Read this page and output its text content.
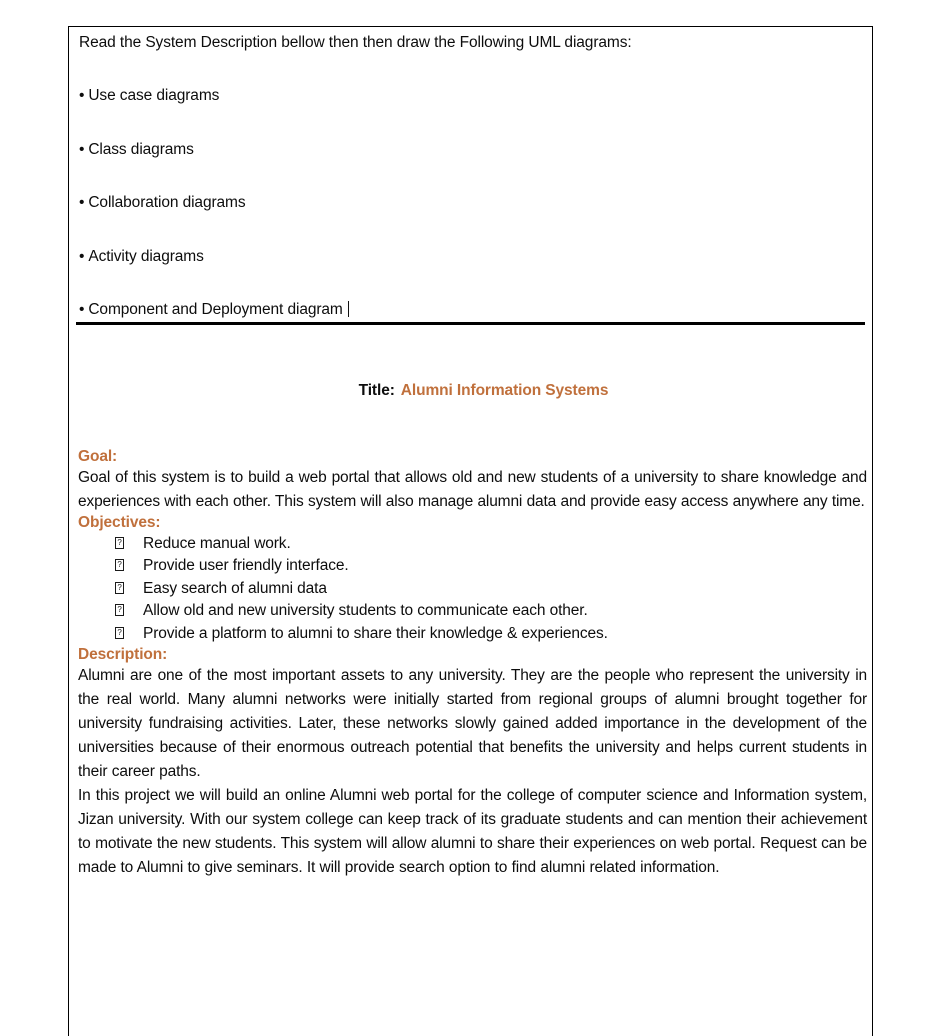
Read the System Description bellow then then draw the Following UML diagrams:

• Use case diagrams
• Class diagrams
• Collaboration diagrams
• Activity diagrams
• Component and Deployment diagram
Title: Alumni Information Systems
Goal:

Goal of this system is to build a web portal that allows old and new students of a university to share knowledge and experiences with each other. This system will also manage alumni data and provide easy access anywhere any time.

Objectives:
?
Reduce manual work.
?
Provide user friendly interface.
?
Easy search of alumni data
?
Allow old and new university students to communicate each other.
?
Provide a platform to alumni to share their knowledge & experiences.
Description:

Alumni are one of the most important assets to any university. They are the people who represent the university in the real world. Many alumni networks were initially started from regional groups of alumni brought together for university fundraising activities. Later, these networks slowly gained added importance in the development of the universities because of their enormous outreach potential that benefits the university and helps current students in their career paths.

In this project we will build an online Alumni web portal for the college of computer science and Information system, Jizan university. With our system college can keep track of its graduate students and can mention their achievement to motivate the new students. This system will allow alumni to share their experiences on web portal. Request can be made to Alumni to give seminars. It will provide search option to find alumni related information.
